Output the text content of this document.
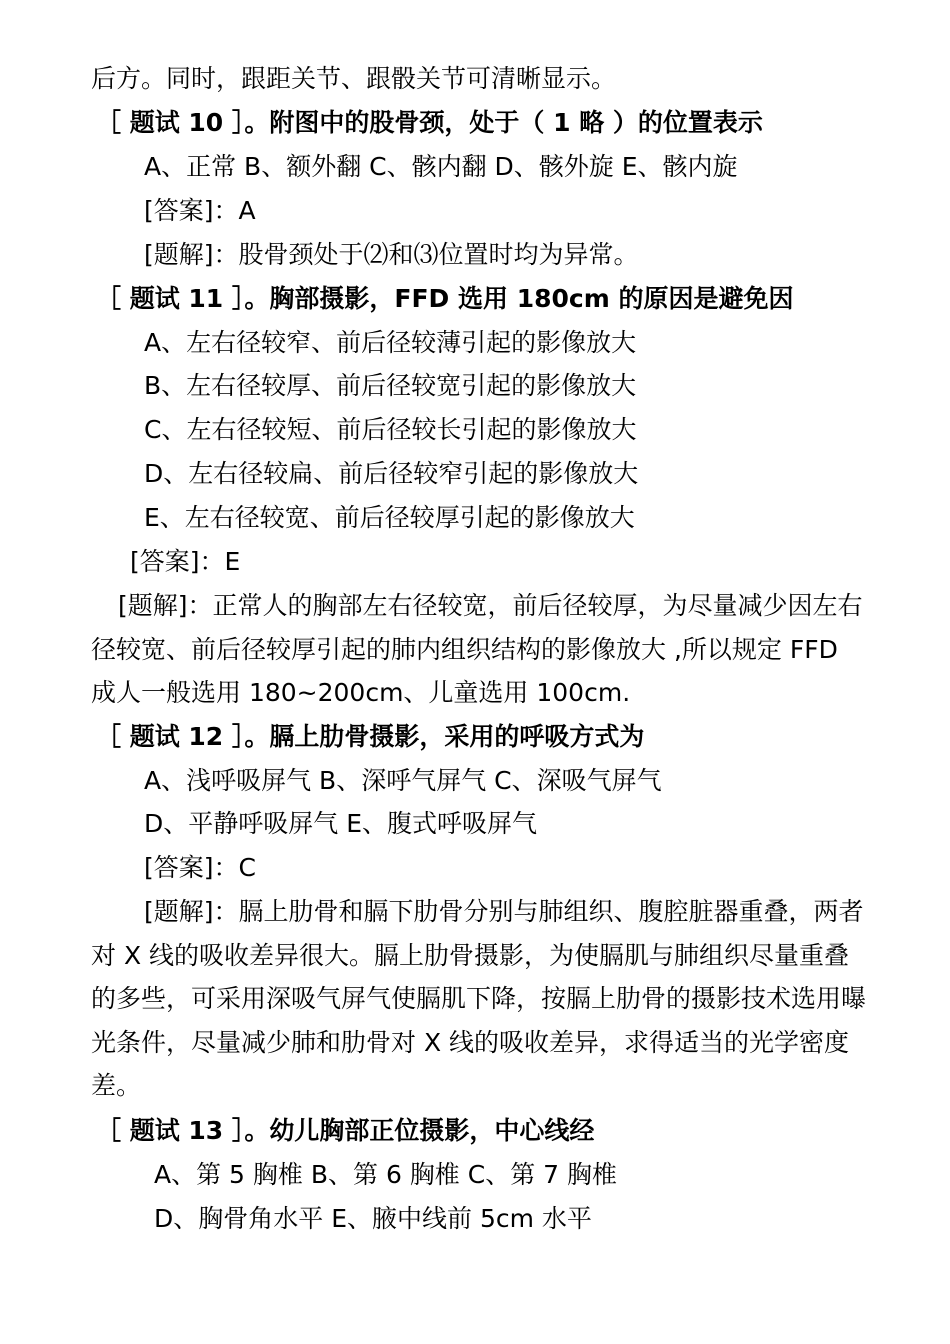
后方。同时，跟距关节、跟骰关节可清晰显示。
［ 题试 10 ］。附图中的股骨颈，处于（ 1 略 ）的位置表示
A、正常 B、额外翻 C、骸内翻 D、骸外旋 E、骸内旋
[答案]：A
[题解]：股骨颈处于⑵和⑶位置时均为异常。
［ 题试 11 ］。胸部摄影，FFD 选用 180cm 的原因是避免因
A、左右径较窄、前后径较薄引起的影像放大
B、左右径较厚、前后径较宽引起的影像放大
C、左右径较短、前后径较长引起的影像放大
D、左右径较扁、前后径较窄引起的影像放大
E、左右径较宽、前后径较厚引起的影像放大
[答案]：E
[题解]：正常人的胸部左右径较宽，前后径较厚，为尽量减少因左右径较宽、前后径较厚引起的肺内组织结构的影像放大 ,所以规定 FFD 成人一般选用 180~200cm、儿童选用 100cm.
［ 题试 12 ］。膈上肋骨摄影，采用的呼吸方式为
A、浅呼吸屏气 B、深呼气屏气 C、深吸气屏气
D、平静呼吸屏气 E、腹式呼吸屏气
[答案]：C
[题解]：膈上肋骨和膈下肋骨分别与肺组织、腹腔脏器重叠，两者对 X 线的吸收差异很大。膈上肋骨摄影，为使膈肌与肺组织尽量重叠的多些，可采用深吸气屏气使膈肌下降，按膈上肋骨的摄影技术选用曝光条件，尽量减少肺和肋骨对 X 线的吸收差异，求得适当的光学密度差。
［ 题试 13 ］。幼儿胸部正位摄影，中心线经
A、第 5 胸椎 B、第 6 胸椎 C、第 7 胸椎
D、胸骨角水平 E、腋中线前 5cm 水平
